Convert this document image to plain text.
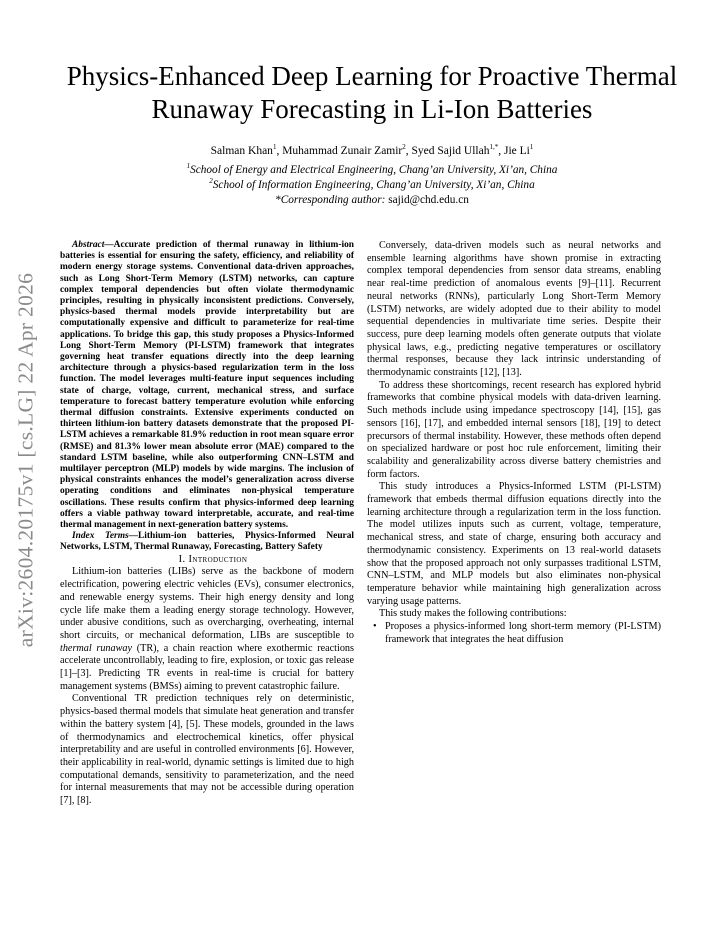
arXiv:2604.20175v1 [cs.LG] 22 Apr 2026
Physics-Enhanced Deep Learning for Proactive Thermal Runaway Forecasting in Li-Ion Batteries
Salman Khan$^1$, Muhammad Zunair Zamir$^2$, Syed Sajid Ullah$^{1,*}$, Jie Li$^1$
$^1$School of Energy and Electrical Engineering, Chang’an University, Xi’an, China
$^2$School of Information Engineering, Chang’an University, Xi’an, China
*Corresponding author: sajid@chd.edu.cn

Abstract—Accurate prediction of thermal runaway in lithium-ion batteries is essential for ensuring the safety, efficiency, and reliability of modern energy storage systems. Conventional data-driven approaches, such as Long Short-Term Memory (LSTM) networks, can capture complex temporal dependencies but often violate thermodynamic principles, resulting in physically inconsistent predictions. Conversely, physics-based thermal models provide interpretability but are computationally expensive and difficult to parameterize for real-time applications. To bridge this gap, this study proposes a Physics-Informed Long Short-Term Memory (PI-LSTM) framework that integrates governing heat transfer equations directly into the deep learning architecture through a physics-based regularization term in the loss function. The model leverages multi-feature input sequences including state of charge, voltage, current, mechanical stress, and surface temperature to forecast battery temperature evolution while enforcing thermal diffusion constraints. Extensive experiments conducted on thirteen lithium-ion battery datasets demonstrate that the proposed PI-LSTM achieves a remarkable 81.9% reduction in root mean square error (RMSE) and 81.3% lower mean absolute error (MAE) compared to the standard LSTM baseline, while also outperforming CNN–LSTM and multilayer perceptron (MLP) models by wide margins. The inclusion of physical constraints enhances the model’s generalization across diverse operating conditions and eliminates non-physical temperature oscillations. These results confirm that physics-informed deep learning offers a viable pathway toward interpretable, accurate, and real-time thermal management in next-generation battery systems.

Index Terms—Lithium-ion batteries, Physics-Informed Neural Networks, LSTM, Thermal Runaway, Forecasting, Battery Safety

I. Introduction

Lithium-ion batteries (LIBs) serve as the backbone of modern electrification, powering electric vehicles (EVs), consumer electronics, and renewable energy systems. Their high energy density and long cycle life make them a leading energy storage technology. However, under abusive conditions, such as overcharging, overheating, internal short circuits, or mechanical deformation, LIBs are susceptible to thermal runaway (TR), a chain reaction where exothermic reactions accelerate uncontrollably, leading to fire, explosion, or toxic gas release [1]–[3]. Predicting TR events in real-time is crucial for battery management systems (BMSs) aiming to prevent catastrophic failure.

Conventional TR prediction techniques rely on deterministic, physics-based thermal models that simulate heat generation and transfer within the battery system [4], [5]. These models, grounded in the laws of thermodynamics and electrochemical kinetics, offer physical interpretability and are useful in controlled environments [6]. However, their applicability in real-world, dynamic settings is limited due to high computational demands, sensitivity to parameterization, and the need for internal measurements that may not be accessible during operation [7], [8].

Conversely, data-driven models such as neural networks and ensemble learning algorithms have shown promise in extracting complex temporal dependencies from sensor data streams, enabling near real-time prediction of anomalous events [9]–[11]. Recurrent neural networks (RNNs), particularly Long Short-Term Memory (LSTM) networks, are widely adopted due to their ability to model sequential dependencies in multivariate time series. Despite their success, pure deep learning models often generate outputs that violate physical laws, e.g., predicting negative temperatures or oscillatory thermal responses, because they lack intrinsic understanding of thermodynamic constraints [12], [13].

To address these shortcomings, recent research has explored hybrid frameworks that combine physical models with data-driven learning. Such methods include using impedance spectroscopy [14], [15], gas sensors [16], [17], and embedded internal sensors [18], [19] to detect precursors of thermal instability. However, these methods often depend on specialized hardware or post hoc rule enforcement, limiting their scalability and generalizability across diverse battery chemistries and form factors.

This study introduces a Physics-Informed LSTM (PI-LSTM) framework that embeds thermal diffusion equations directly into the learning architecture through a regularization term in the loss function. The model utilizes inputs such as current, voltage, temperature, mechanical stress, and state of charge, ensuring both accuracy and thermodynamic consistency. Experiments on 13 real-world datasets show that the proposed approach not only surpasses traditional LSTM, CNN–LSTM, and MLP models but also eliminates non-physical temperature behavior while maintaining high generalization across varying usage patterns.

This study makes the following contributions:

• Proposes a physics-informed long short-term memory (PI-LSTM) framework that integrates the heat diffusion
